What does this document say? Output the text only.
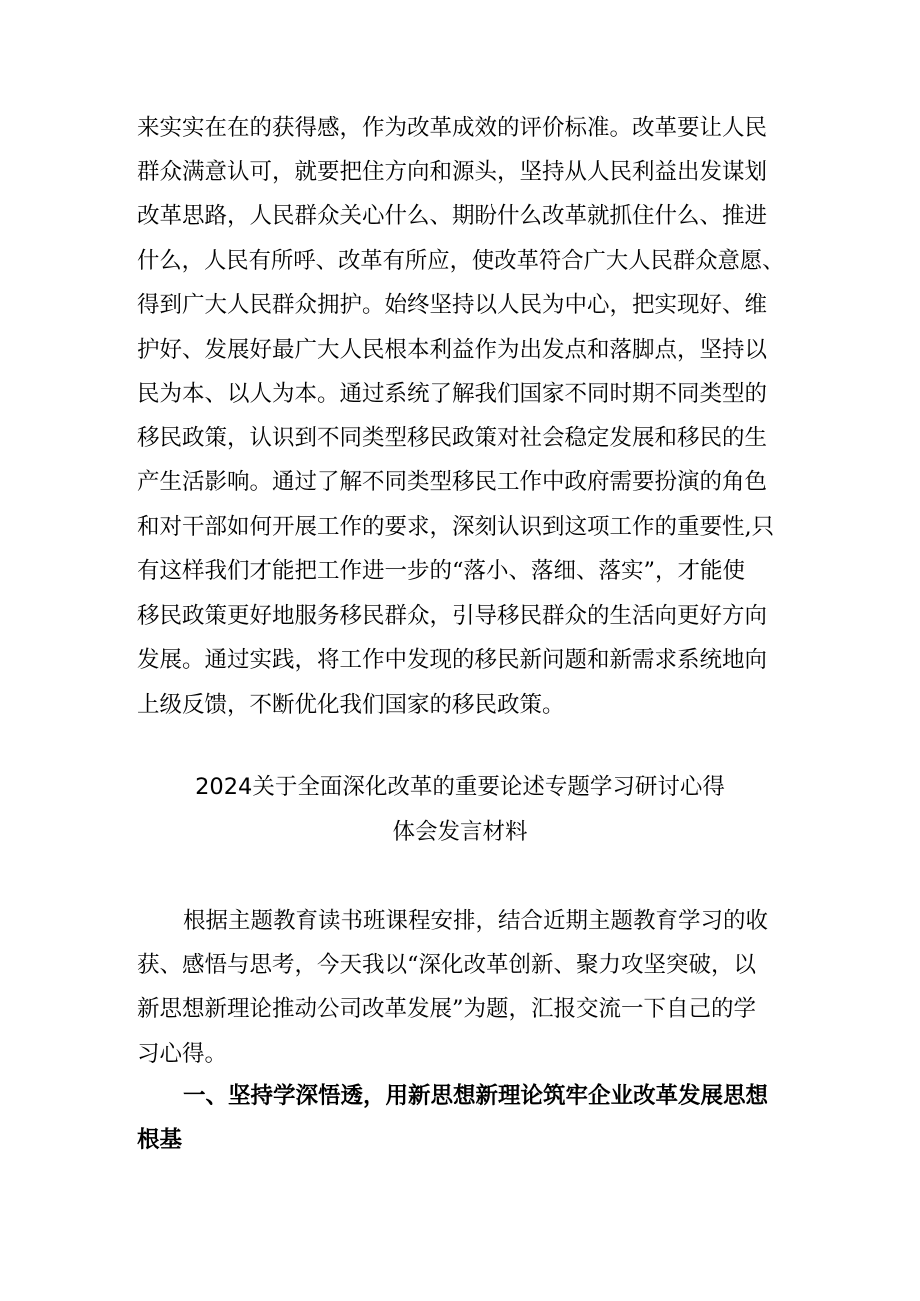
来实实在在的获得感，作为改革成效的评价标准。改革要让人民
群众满意认可，就要把住方向和源头，坚持从人民利益出发谋划
改革思路，人民群众关心什么、期盼什么改革就抓住什么、推进
什么，人民有所呼、改革有所应，使改革符合广大人民群众意愿、
得到广大人民群众拥护。始终坚持以人民为中心，把实现好、维
护好、发展好最广大人民根本利益作为出发点和落脚点，坚持以
民为本、以人为本。通过系统了解我们国家不同时期不同类型的
移民政策，认识到不同类型移民政策对社会稳定发展和移民的生
产生活影响。通过了解不同类型移民工作中政府需要扮演的角色
和对干部如何开展工作的要求，深刻认识到这项工作的重要性,只
有这样我们才能把工作进一步的“落小、落细、落实”，才能使
移民政策更好地服务移民群众，引导移民群众的生活向更好方向
发展。通过实践，将工作中发现的移民新问题和新需求系统地向
上级反馈，不断优化我们国家的移民政策。
2024关于全面深化改革的重要论述专题学习研讨心得
体会发言材料
根据主题教育读书班课程安排，结合近期主题教育学习的收
获、感悟与思考，今天我以“深化改革创新、聚力攻坚突破，以
新思想新理论推动公司改革发展”为题，汇报交流一下自己的学
习心得。
一、坚持学深悟透，用新思想新理论筑牢企业改革发展思想
根基
